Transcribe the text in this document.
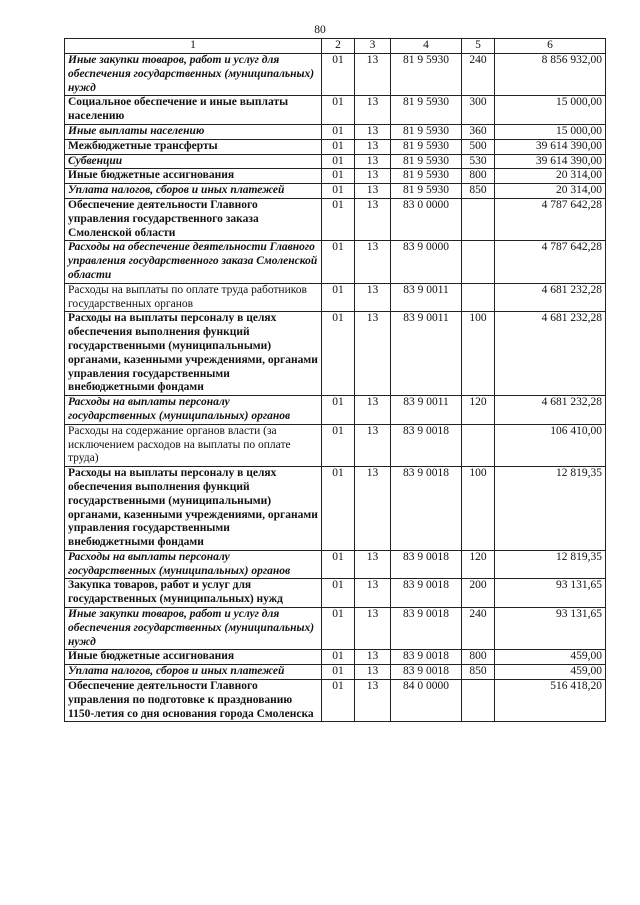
80
1	2	3	4	5	6
Иные закупки товаров, работ и услуг для обеспечения государственных (муниципальных) нужд	01	13	81 9 5930	240	8 856 932,00
Социальное обеспечение и иные выплаты населению	01	13	81 9 5930	300	15 000,00
Иные выплаты населению	01	13	81 9 5930	360	15 000,00
Межбюджетные трансферты	01	13	81 9 5930	500	39 614 390,00
Субвенции	01	13	81 9 5930	530	39 614 390,00
Иные бюджетные ассигнования	01	13	81 9 5930	800	20 314,00
Уплата налогов, сборов и иных платежей	01	13	81 9 5930	850	20 314,00
Обеспечение деятельности Главного управления государственного заказа Смоленской области	01	13	83 0 0000		4 787 642,28
Расходы на обеспечение деятельности Главного управления государственного заказа Смоленской области	01	13	83 9 0000		4 787 642,28
Расходы на выплаты по оплате труда работников государственных органов	01	13	83 9 0011		4 681 232,28
Расходы на выплаты персоналу в целях обеспечения выполнения функций государственными (муниципальными) органами, казенными учреждениями, органами управления государственными внебюджетными фондами	01	13	83 9 0011	100	4 681 232,28
Расходы на выплаты персоналу государственных (муниципальных) органов	01	13	83 9 0011	120	4 681 232,28
Расходы на содержание органов власти (за исключением расходов на выплаты по оплате труда)	01	13	83 9 0018		106 410,00
Расходы на выплаты персоналу в целях обеспечения выполнения функций государственными (муниципальными) органами, казенными учреждениями, органами управления государственными внебюджетными фондами	01	13	83 9 0018	100	12 819,35
Расходы на выплаты персоналу государственных (муниципальных) органов	01	13	83 9 0018	120	12 819,35
Закупка товаров, работ и услуг для государственных (муниципальных) нужд	01	13	83 9 0018	200	93 131,65
Иные закупки товаров, работ и услуг для обеспечения государственных (муниципальных) нужд	01	13	83 9 0018	240	93 131,65
Иные бюджетные ассигнования	01	13	83 9 0018	800	459,00
Уплата налогов, сборов и иных платежей	01	13	83 9 0018	850	459,00
Обеспечение деятельности Главного управления по подготовке к празднованию 1150-летия со дня основания города Смоленска	01	13	84 0 0000		516 418,20
